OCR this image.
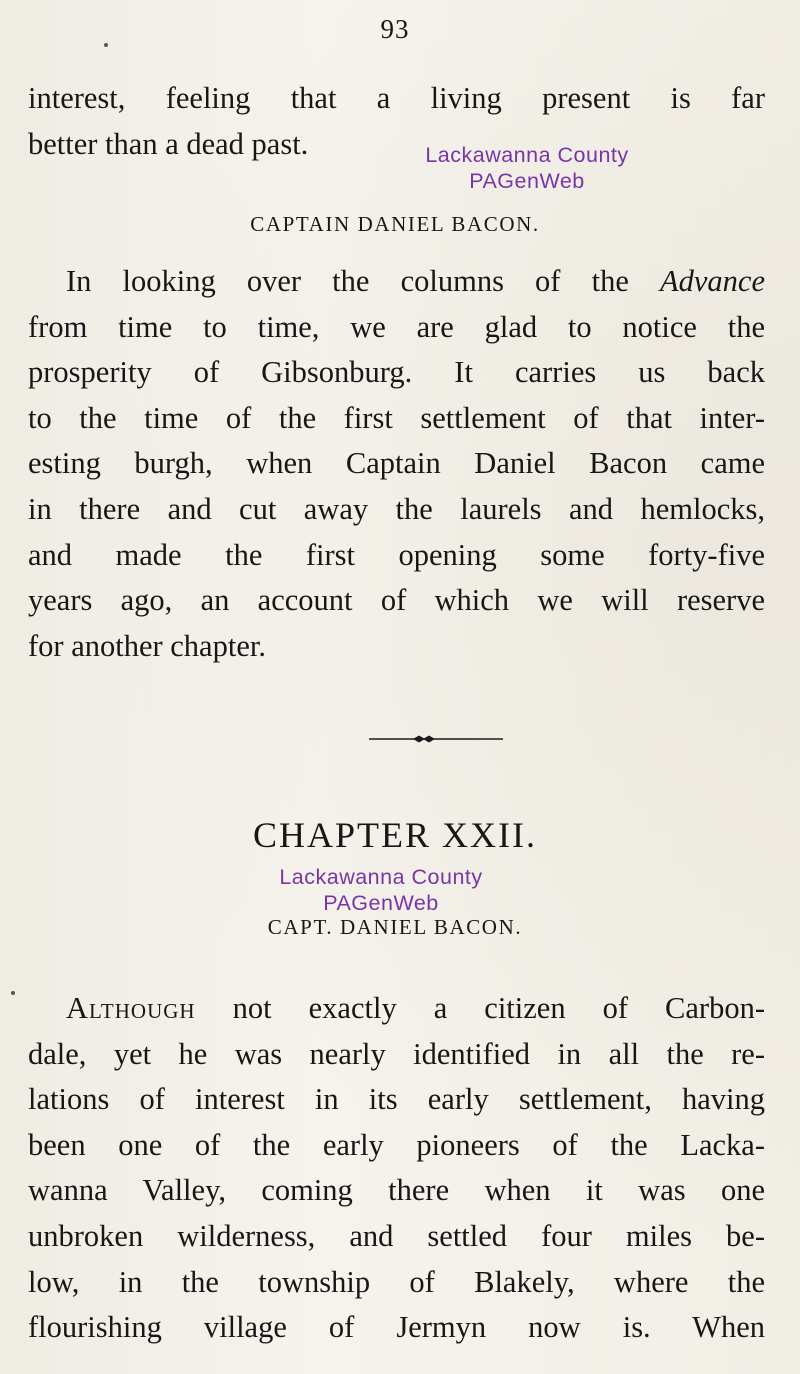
93
interest, feeling that a living present is far
better than a dead past.	Lackawanna County
PAGenWeb
CAPTAIN DANIEL BACON.
In looking over the columns of the Advance
from time to time, we are glad to notice the
prosperity of Gibsonburg. It carries us back
to the time of the first settlement of that inter-
esting burgh, when Captain Daniel Bacon came
in there and cut away the laurels and hemlocks,
and made the first opening some forty-five
years ago, an account of which we will reserve
for another chapter.
CHAPTER XXII.
Lackawanna County
PAGenWeb
CAPT. DANIEL BACON.
Although not exactly a citizen of Carbon-
dale, yet he was nearly identified in all the re-
lations of interest in its early settlement, having
been one of the early pioneers of the Lacka-
wanna Valley, coming there when it was one
unbroken wilderness, and settled four miles be-
low, in the township of Blakely, where the
flourishing village of Jermyn now is. When
